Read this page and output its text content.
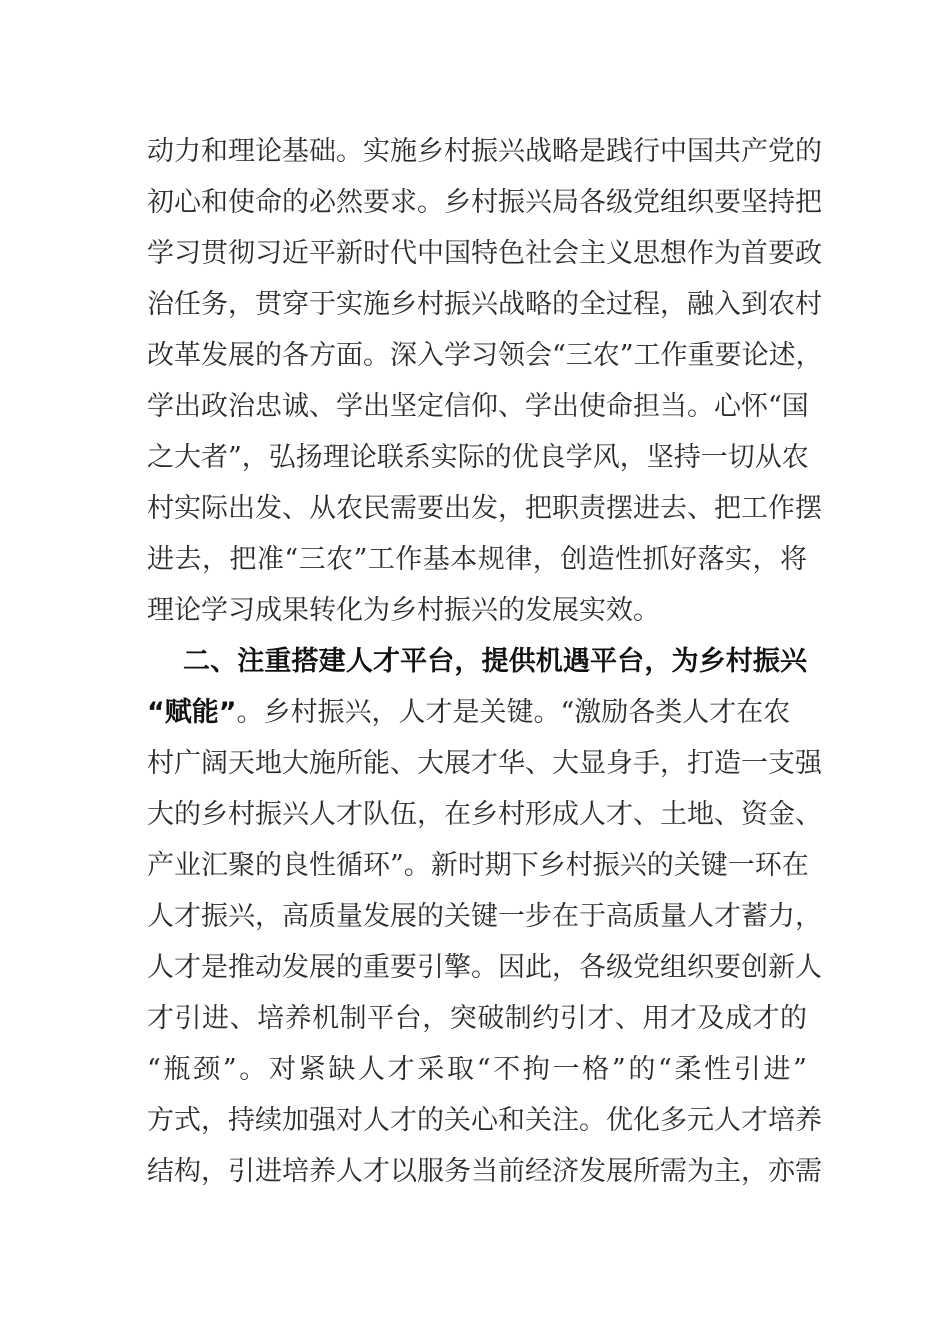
动力和理论基础。实施乡村振兴战略是践行中国共产党的
初心和使命的必然要求。乡村振兴局各级党组织要坚持把
学习贯彻习近平新时代中国特色社会主义思想作为首要政
治任务，贯穿于实施乡村振兴战略的全过程，融入到农村
改革发展的各方面。深入学习领会“三农”工作重要论述，
学出政治忠诚、学出坚定信仰、学出使命担当。心怀“国
之大者”，弘扬理论联系实际的优良学风，坚持一切从农
村实际出发、从农民需要出发，把职责摆进去、把工作摆
进去，把准“三农”工作基本规律，创造性抓好落实，将
理论学习成果转化为乡村振兴的发展实效。
二、注重搭建人才平台，提供机遇平台，为乡村振兴
“赋能”。乡村振兴，人才是关键。“激励各类人才在农
村广阔天地大施所能、大展才华、大显身手，打造一支强
大的乡村振兴人才队伍，在乡村形成人才、土地、资金、
产业汇聚的良性循环”。新时期下乡村振兴的关键一环在
人才振兴，高质量发展的关键一步在于高质量人才蓄力，
人才是推动发展的重要引擎。因此，各级党组织要创新人
才引进、培养机制平台，突破制约引才、用才及成才的
“瓶颈”。对紧缺人才采取“不拘一格”的“柔性引进”
方式，持续加强对人才的关心和关注。优化多元人才培养
结构，引进培养人才以服务当前经济发展所需为主，亦需
